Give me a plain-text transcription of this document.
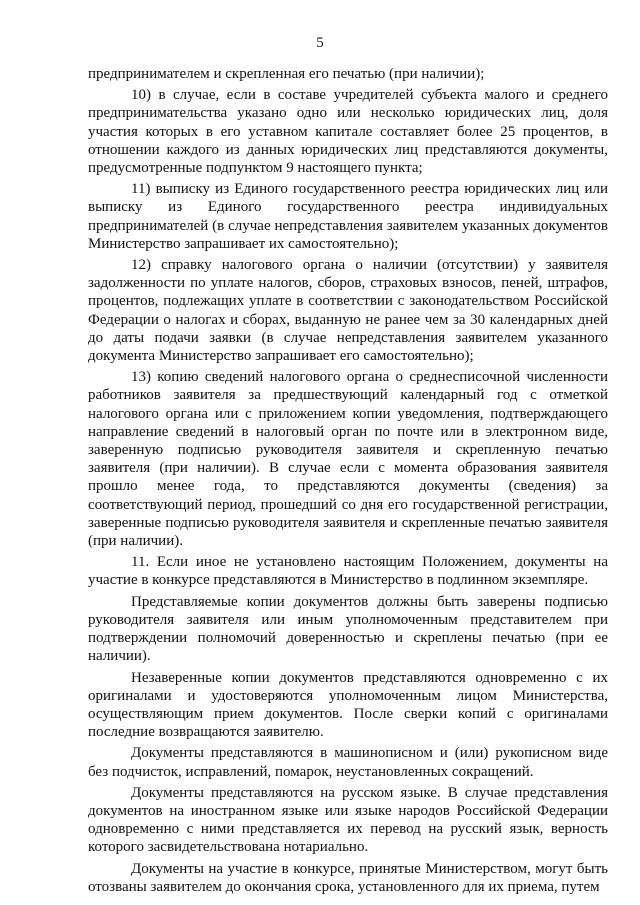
5

предпринимателем и скрепленная его печатью (при наличии);

10) в случае, если в составе учредителей субъекта малого и среднего предпринимательства указано одно или несколько юридических лиц, доля участия которых в его уставном капитале составляет более 25 процентов, в отношении каждого из данных юридических лиц представляются документы, предусмотренные подпунктом 9 настоящего пункта;

11) выписку из Единого государственного реестра юридических лиц или выписку из Единого государственного реестра индивидуальных предпринимателей (в случае непредставления заявителем указанных документов Министерство запрашивает их самостоятельно);

12) справку налогового органа о наличии (отсутствии) у заявителя задолженности по уплате налогов, сборов, страховых взносов, пеней, штрафов, процентов, подлежащих уплате в соответствии с законодательством Российской Федерации о налогах и сборах, выданную не ранее чем за 30 календарных дней до даты подачи заявки (в случае непредставления заявителем указанного документа Министерство запрашивает его самостоятельно);

13) копию сведений налогового органа о среднесписочной численности работников заявителя за предшествующий календарный год с отметкой налогового органа или с приложением копии уведомления, подтверждающего направление сведений в налоговый орган по почте или в электронном виде, заверенную подписью руководителя заявителя и скрепленную печатью заявителя (при наличии). В случае если с момента образования заявителя прошло менее года, то представляются документы (сведения) за соответствующий период, прошедший со дня его государственной регистрации, заверенные подписью руководителя заявителя и скрепленные печатью заявителя (при наличии).

11. Если иное не установлено настоящим Положением, документы на участие в конкурсе представляются в Министерство в подлинном экземпляре.

Представляемые копии документов должны быть заверены подписью руководителя заявителя или иным уполномоченным представителем при подтверждении полномочий доверенностью и скреплены печатью (при ее наличии).

Незаверенные копии документов представляются одновременно с их оригиналами и удостоверяются уполномоченным лицом Министерства, осуществляющим прием документов. После сверки копий с оригиналами последние возвращаются заявителю.

Документы представляются в машинописном и (или) рукописном виде без подчисток, исправлений, помарок, неустановленных сокращений.

Документы представляются на русском языке. В случае представления документов на иностранном языке или языке народов Российской Федерации одновременно с ними представляется их перевод на русский язык, верность которого засвидетельствована нотариально.

Документы на участие в конкурсе, принятые Министерством, могут быть отозваны заявителем до окончания срока, установленного для их приема, путем
